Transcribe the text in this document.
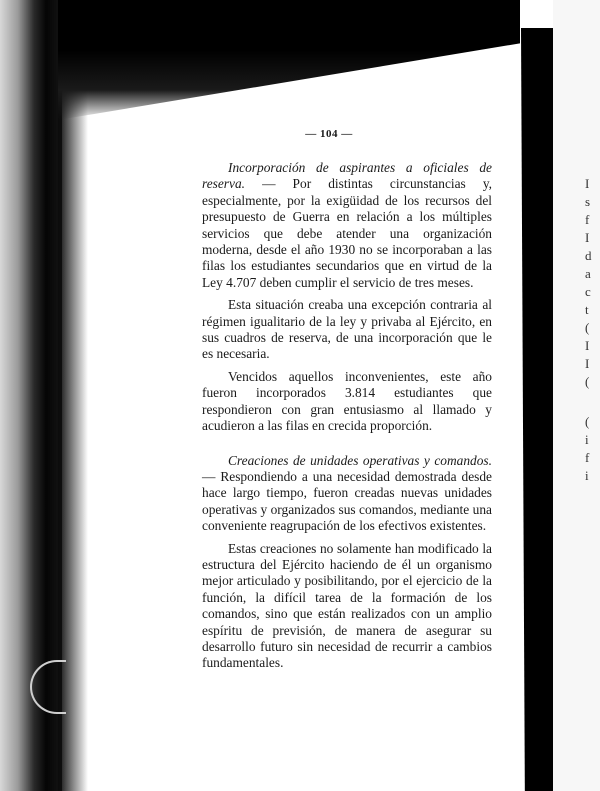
I
s
f
I
d
a
c
t
(
I
I
(
(
i
f
i
— 104 —

Incorporación de aspirantes a oficiales de reserva. — Por distintas circunstancias y, especialmente, por la exigüidad de los recursos del presupuesto de Guerra en relación a los múltiples servicios que debe atender una organización moderna, desde el año 1930 no se incorporaban a las filas los estudiantes secundarios que en virtud de la Ley 4.707 deben cumplir el servicio de tres meses.

Esta situación creaba una excepción contraria al régimen igualitario de la ley y privaba al Ejército, en sus cuadros de reserva, de una incorporación que le es necesaria.

Vencidos aquellos inconvenientes, este año fueron incorporados 3.814 estudiantes que respondieron con gran entusiasmo al llamado y acudieron a las filas en crecida proporción.

Creaciones de unidades operativas y comandos. — Respondiendo a una necesidad demostrada desde hace largo tiempo, fueron creadas nuevas unidades operativas y organizados sus comandos, mediante una conveniente reagrupación de los efectivos existentes.

Estas creaciones no solamente han modificado la estructura del Ejército haciendo de él un organismo mejor articulado y posibilitando, por el ejercicio de la función, la difícil tarea de la formación de los comandos, sino que están realizados con un amplio espíritu de previsión, de manera de asegurar su desarrollo futuro sin necesidad de recurrir a cambios fundamentales.
